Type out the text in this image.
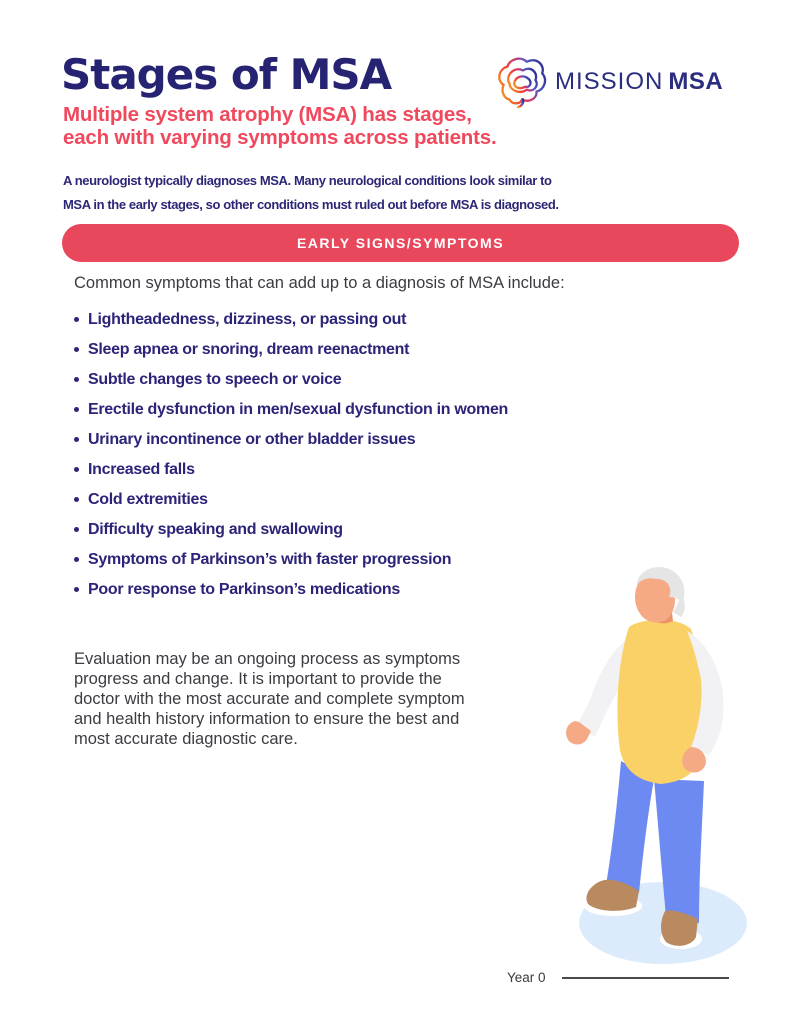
Stages of MSA
Multiple system atrophy (MSA) has stages,
each with varying symptoms across patients.
A neurologist typically diagnoses MSA. Many neurological conditions look similar to
MSA in the early stages, so other conditions must ruled out before MSA is diagnosed.
MISSION MSA
EARLY SIGNS/SYMPTOMS
Common symptoms that can add up to a diagnosis of MSA include:
Lightheadedness, dizziness, or passing out
Sleep apnea or snoring, dream reenactment
Subtle changes to speech or voice
Erectile dysfunction in men/sexual dysfunction in women
Urinary incontinence or other bladder issues
Increased falls
Cold extremities
Difficulty speaking and swallowing
Symptoms of Parkinson’s with faster progression
Poor response to Parkinson’s medications
Evaluation may be an ongoing process as symptoms
progress and change. It is important to provide the
doctor with the most accurate and complete symptom
and health history information to ensure the best and
most accurate diagnostic care.
Year 0
